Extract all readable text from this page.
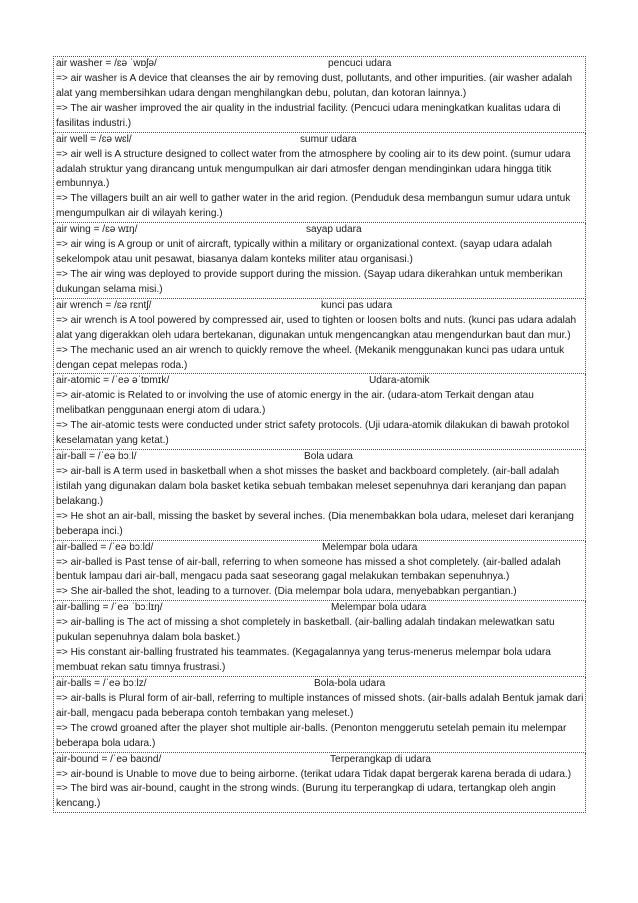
air washer = /ɛə ˈwɒʃə/	pencuci udara
=> air washer is A device that cleanses the air by removing dust, pollutants, and other impurities. (air washer adalah alat yang membersihkan udara dengan menghilangkan debu, polutan, dan kotoran lainnya.)
=> The air washer improved the air quality in the industrial facility. (Pencuci udara meningkatkan kualitas udara di fasilitas industri.)
air well = /ɛə wɛl/	sumur udara
=> air well is A structure designed to collect water from the atmosphere by cooling air to its dew point. (sumur udara adalah struktur yang dirancang untuk mengumpulkan air dari atmosfer dengan mendinginkan udara hingga titik embunnya.)
=> The villagers built an air well to gather water in the arid region. (Penduduk desa membangun sumur udara untuk mengumpulkan air di wilayah kering.)
air wing = /ɛə wɪŋ/	sayap udara
=> air wing is A group or unit of aircraft, typically within a military or organizational context. (sayap udara adalah sekelompok atau unit pesawat, biasanya dalam konteks militer atau organisasi.)
=> The air wing was deployed to provide support during the mission. (Sayap udara dikerahkan untuk memberikan dukungan selama misi.)
air wrench = /ɛə rɛntʃ/	kunci pas udara
=> air wrench is A tool powered by compressed air, used to tighten or loosen bolts and nuts. (kunci pas udara adalah alat yang digerakkan oleh udara bertekanan, digunakan untuk mengencangkan atau mengendurkan baut dan mur.)
=> The mechanic used an air wrench to quickly remove the wheel. (Mekanik menggunakan kunci pas udara untuk dengan cepat melepas roda.)
air-atomic = /ˈeə əˈtɒmɪk/	Udara-atomik
=> air-atomic is Related to or involving the use of atomic energy in the air. (udara-atom Terkait dengan atau melibatkan penggunaan energi atom di udara.)
=> The air-atomic tests were conducted under strict safety protocols. (Uji udara-atomik dilakukan di bawah protokol keselamatan yang ketat.)
air-ball = /ˈeə bɔːl/	Bola udara
=> air-ball is A term used in basketball when a shot misses the basket and backboard completely. (air-ball adalah istilah yang digunakan dalam bola basket ketika sebuah tembakan meleset sepenuhnya dari keranjang dan papan belakang.)
=> He shot an air-ball, missing the basket by several inches. (Dia menembakkan bola udara, meleset dari keranjang beberapa inci.)
air-balled = /ˈeə bɔːld/	Melempar bola udara
=> air-balled is Past tense of air-ball, referring to when someone has missed a shot completely. (air-balled adalah bentuk lampau dari air-ball, mengacu pada saat seseorang gagal melakukan tembakan sepenuhnya.)
=> She air-balled the shot, leading to a turnover. (Dia melempar bola udara, menyebabkan pergantian.)
air-balling = /ˈeə ˈbɔːlɪŋ/	Melempar bola udara
=> air-balling is The act of missing a shot completely in basketball. (air-balling adalah tindakan melewatkan satu pukulan sepenuhnya dalam bola basket.)
=> His constant air-balling frustrated his teammates. (Kegagalannya yang terus-menerus melempar bola udara membuat rekan satu timnya frustrasi.)
air-balls = /ˈeə bɔːlz/	Bola-bola udara
=> air-balls is Plural form of air-ball, referring to multiple instances of missed shots. (air-balls adalah Bentuk jamak dari air-ball, mengacu pada beberapa contoh tembakan yang meleset.)
=> The crowd groaned after the player shot multiple air-balls. (Penonton menggerutu setelah pemain itu melempar beberapa bola udara.)
air-bound = /ˈeə baʊnd/	Terperangkap di udara
=> air-bound is Unable to move due to being airborne. (terikat udara Tidak dapat bergerak karena berada di udara.)
=> The bird was air-bound, caught in the strong winds. (Burung itu terperangkap di udara, tertangkap oleh angin kencang.)
